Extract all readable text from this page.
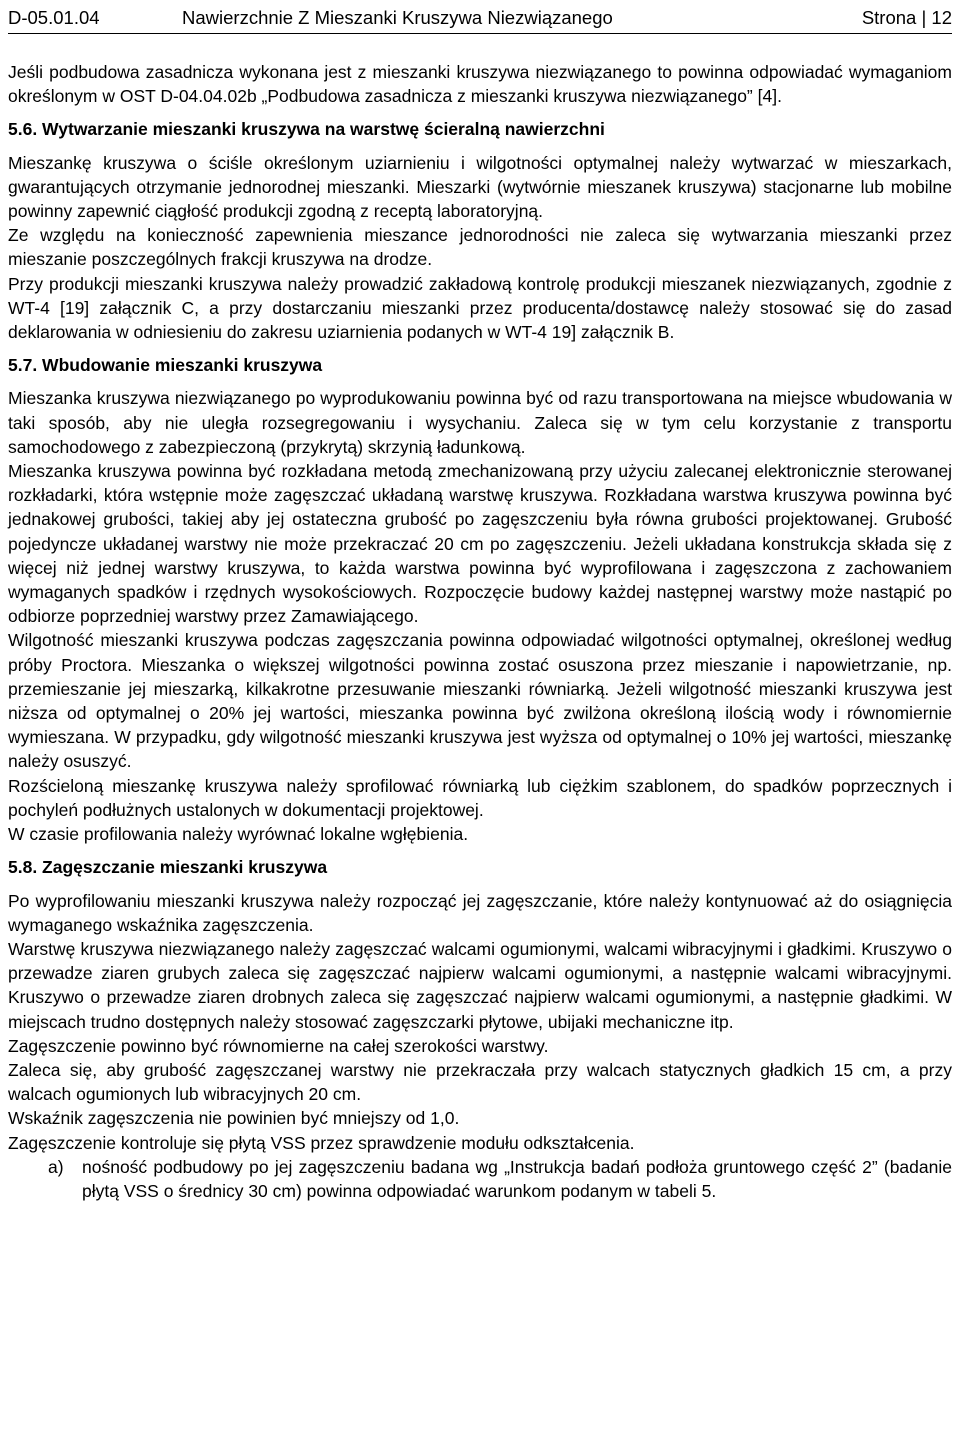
D-05.01.04	Nawierzchnie Z Mieszanki Kruszywa Niezwiązanego	Strona | 12

Jeśli podbudowa zasadnicza wykonana jest z mieszanki kruszywa niezwiązanego to powinna odpowiadać wymaganiom określonym w OST D-04.04.02b „Podbudowa zasadnicza z mieszanki kruszywa niezwiązanego” [4].

5.6. Wytwarzanie mieszanki kruszywa na warstwę ścieralną nawierzchni

Mieszankę kruszywa o ściśle określonym uziarnieniu i wilgotności optymalnej należy wytwarzać w mieszarkach, gwarantujących otrzymanie jednorodnej mieszanki. Mieszarki (wytwórnie mieszanek kruszywa) stacjonarne lub mobilne powinny zapewnić ciągłość produkcji zgodną z receptą laboratoryjną.

Ze względu na konieczność zapewnienia mieszance jednorodności nie zaleca się wytwarzania mieszanki przez mieszanie poszczególnych frakcji kruszywa na drodze.

Przy produkcji mieszanki kruszywa należy prowadzić zakładową kontrolę produkcji mieszanek niezwiązanych, zgodnie z WT-4 [19] załącznik C, a przy dostarczaniu mieszanki przez producenta/dostawcę należy stosować się do zasad deklarowania w odniesieniu do zakresu uziarnienia podanych w WT-4 19] załącznik B.

5.7. Wbudowanie mieszanki kruszywa

Mieszanka kruszywa niezwiązanego po wyprodukowaniu powinna być od razu transportowana na miejsce wbudowania w taki sposób, aby nie uległa rozsegregowaniu i wysychaniu. Zaleca się w tym celu korzystanie z transportu samochodowego z zabezpieczoną (przykrytą) skrzynią ładunkową.

Mieszanka kruszywa powinna być rozkładana metodą zmechanizowaną przy użyciu zalecanej elektronicznie sterowanej rozkładarki, która wstępnie może zagęszczać układaną warstwę kruszywa. Rozkładana warstwa kruszywa powinna być jednakowej grubości, takiej aby jej ostateczna grubość po zagęszczeniu była równa grubości projektowanej. Grubość pojedyncze układanej warstwy nie może przekraczać 20 cm po zagęszczeniu. Jeżeli układana konstrukcja składa się z więcej niż jednej warstwy kruszywa, to każda warstwa powinna być wyprofilowana i zagęszczona z zachowaniem wymaganych spadków i rzędnych wysokościowych. Rozpoczęcie budowy każdej następnej warstwy może nastąpić po odbiorze poprzedniej warstwy przez Zamawiającego.

Wilgotność mieszanki kruszywa podczas zagęszczania powinna odpowiadać wilgotności optymalnej, określonej według próby Proctora. Mieszanka o większej wilgotności powinna zostać osuszona przez mieszanie i napowietrzanie, np. przemieszanie jej mieszarką, kilkakrotne przesuwanie mieszanki równiarką. Jeżeli wilgotność mieszanki kruszywa jest niższa od optymalnej o 20% jej wartości, mieszanka powinna być zwilżona określoną ilością wody i równomiernie wymieszana. W przypadku, gdy wilgotność mieszanki kruszywa jest wyższa od optymalnej o 10% jej wartości, mieszankę należy osuszyć.

Rozścieloną mieszankę kruszywa należy sprofilować równiarką lub ciężkim szablonem, do spadków poprzecznych i pochyleń podłużnych ustalonych w dokumentacji projektowej.

W czasie profilowania należy wyrównać lokalne wgłębienia.

5.8. Zagęszczanie mieszanki kruszywa

Po wyprofilowaniu mieszanki kruszywa należy rozpocząć jej zagęszczanie, które należy kontynuować aż do osiągnięcia wymaganego wskaźnika zagęszczenia.

Warstwę kruszywa niezwiązanego należy zagęszczać walcami ogumionymi, walcami wibracyjnymi i gładkimi. Kruszywo o przewadze ziaren grubych zaleca się zagęszczać najpierw walcami ogumionymi, a następnie walcami wibracyjnymi. Kruszywo o przewadze ziaren drobnych zaleca się zagęszczać najpierw walcami ogumionymi, a następnie gładkimi. W miejscach trudno dostępnych należy stosować zagęszczarki płytowe, ubijaki mechaniczne itp.

Zagęszczenie powinno być równomierne na całej szerokości warstwy.

Zaleca się, aby grubość zagęszczanej warstwy nie przekraczała przy walcach statycznych gładkich 15 cm, a przy walcach ogumionych lub wibracyjnych 20 cm.

Wskaźnik zagęszczenia nie powinien być mniejszy od 1,0.

Zagęszczenie kontroluje się płytą VSS przez sprawdzenie modułu odkształcenia.

a) nośność podbudowy po jej zagęszczeniu badana wg „Instrukcja badań podłoża gruntowego część 2” (badanie płytą VSS o średnicy 30 cm) powinna odpowiadać warunkom podanym w tabeli 5.
